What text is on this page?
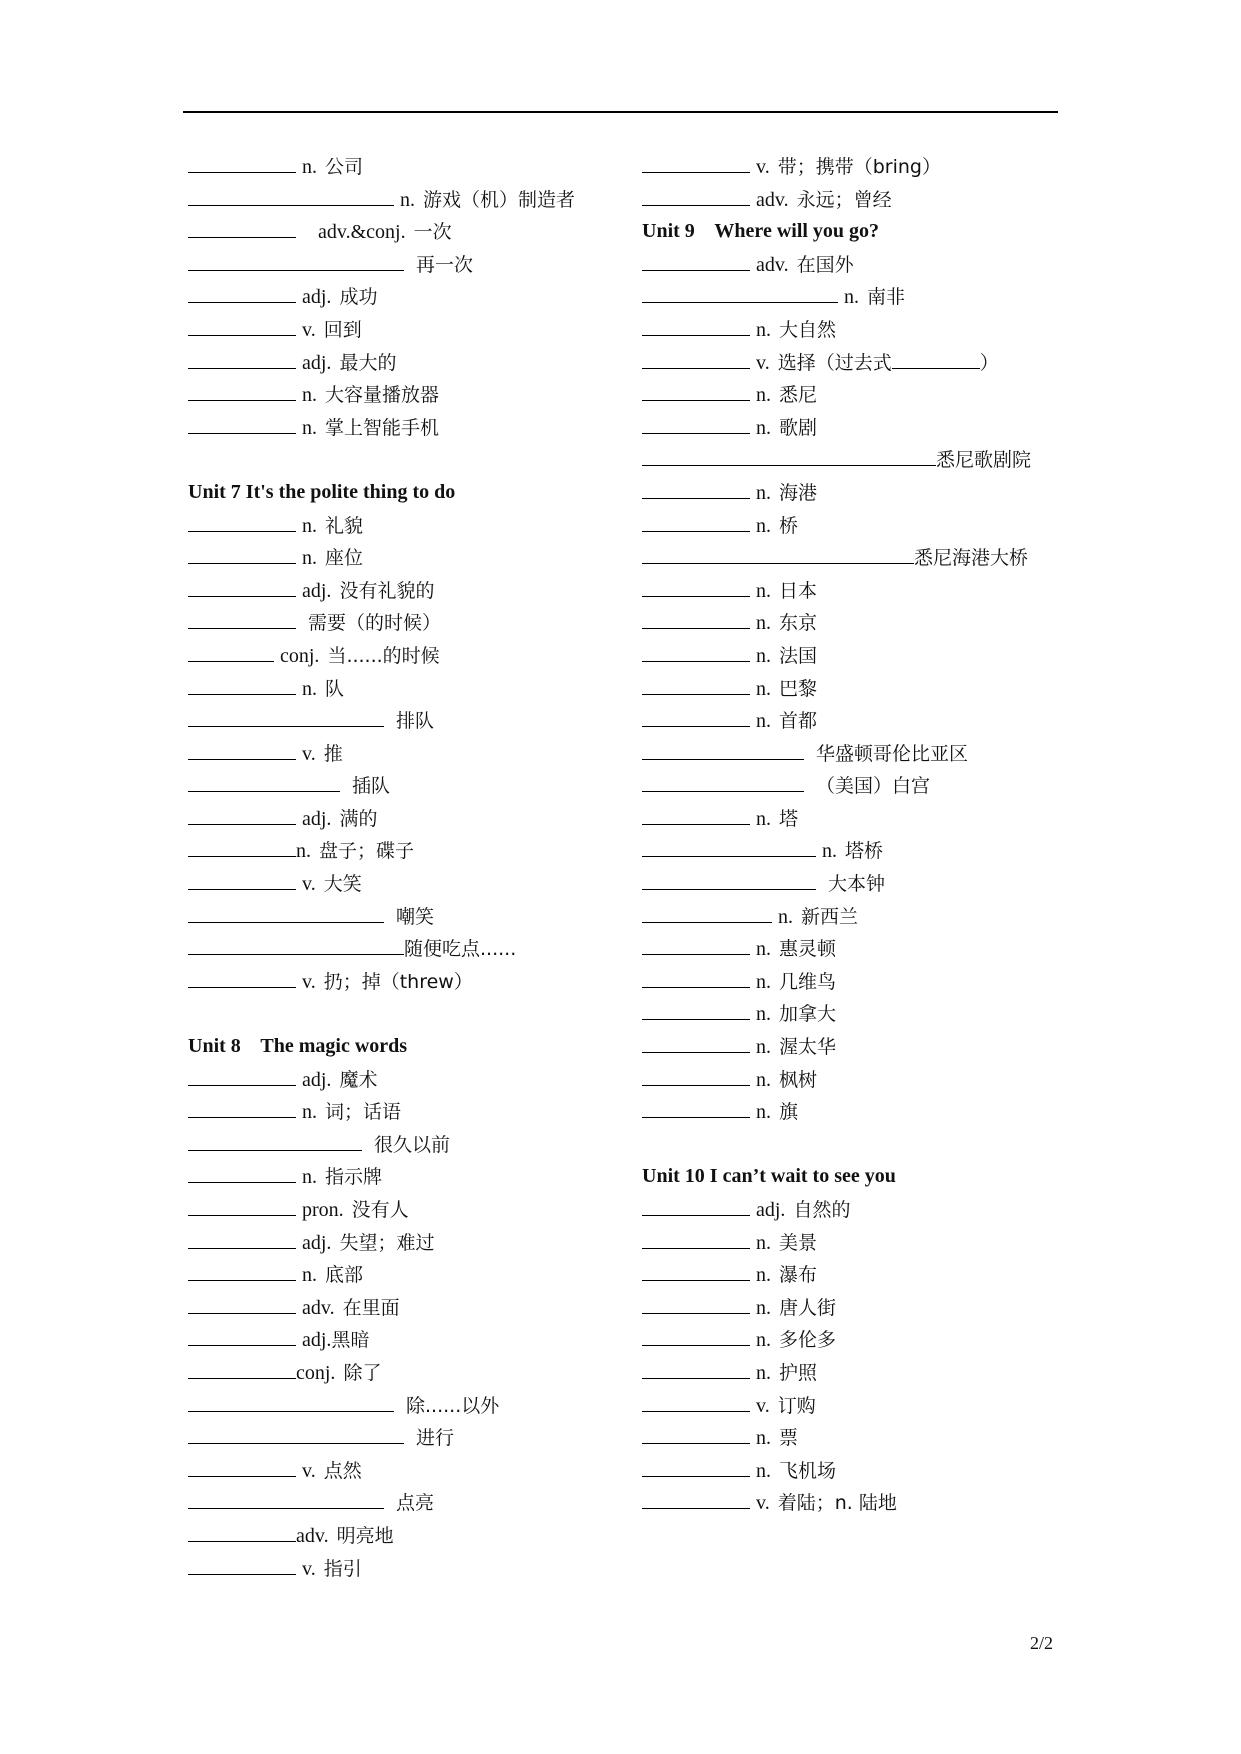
n. 公司
n. 游戏（机）制造者
adv.&conj. 一次
再一次
adj. 成功
v. 回到
adj. 最大的
n. 大容量播放器
n. 掌上智能手机
Unit 7 It's the polite thing to do
n. 礼貌
n. 座位
adj. 没有礼貌的
需要（的时候）
conj. 当......的时候
n. 队
排队
v. 推
插队
adj. 满的
n. 盘子；碟子
v. 大笑
嘲笑
随便吃点......
v. 扔；掉（threw）
Unit 8    The magic words
adj. 魔术
n. 词；话语
很久以前
n. 指示牌
pron. 没有人
adj. 失望；难过
n. 底部
adv. 在里面
adj. 黑暗
conj. 除了
除......以外
进行
v. 点然
点亮
adv. 明亮地
v. 指引
v. 带；携带（bring）
adv. 永远；曾经
Unit 9    Where will you go?
adv. 在国外
n. 南非
n. 大自然
v. 选择（过去式	）
n. 悉尼
n. 歌剧
悉尼歌剧院
n. 海港
n. 桥
悉尼海港大桥
n. 日本
n. 东京
n. 法国
n. 巴黎
n. 首都
华盛顿哥伦比亚区
（美国）白宫
n. 塔
n. 塔桥
大本钟
n. 新西兰
n. 惠灵顿
n. 几维鸟
n. 加拿大
n. 渥太华
n. 枫树
n. 旗
Unit 10 I can’t wait to see you
adj. 自然的
n. 美景
n. 瀑布
n. 唐人街
n. 多伦多
n. 护照
v. 订购
n. 票
n. 飞机场
v. 着陆；n. 陆地
2/2
